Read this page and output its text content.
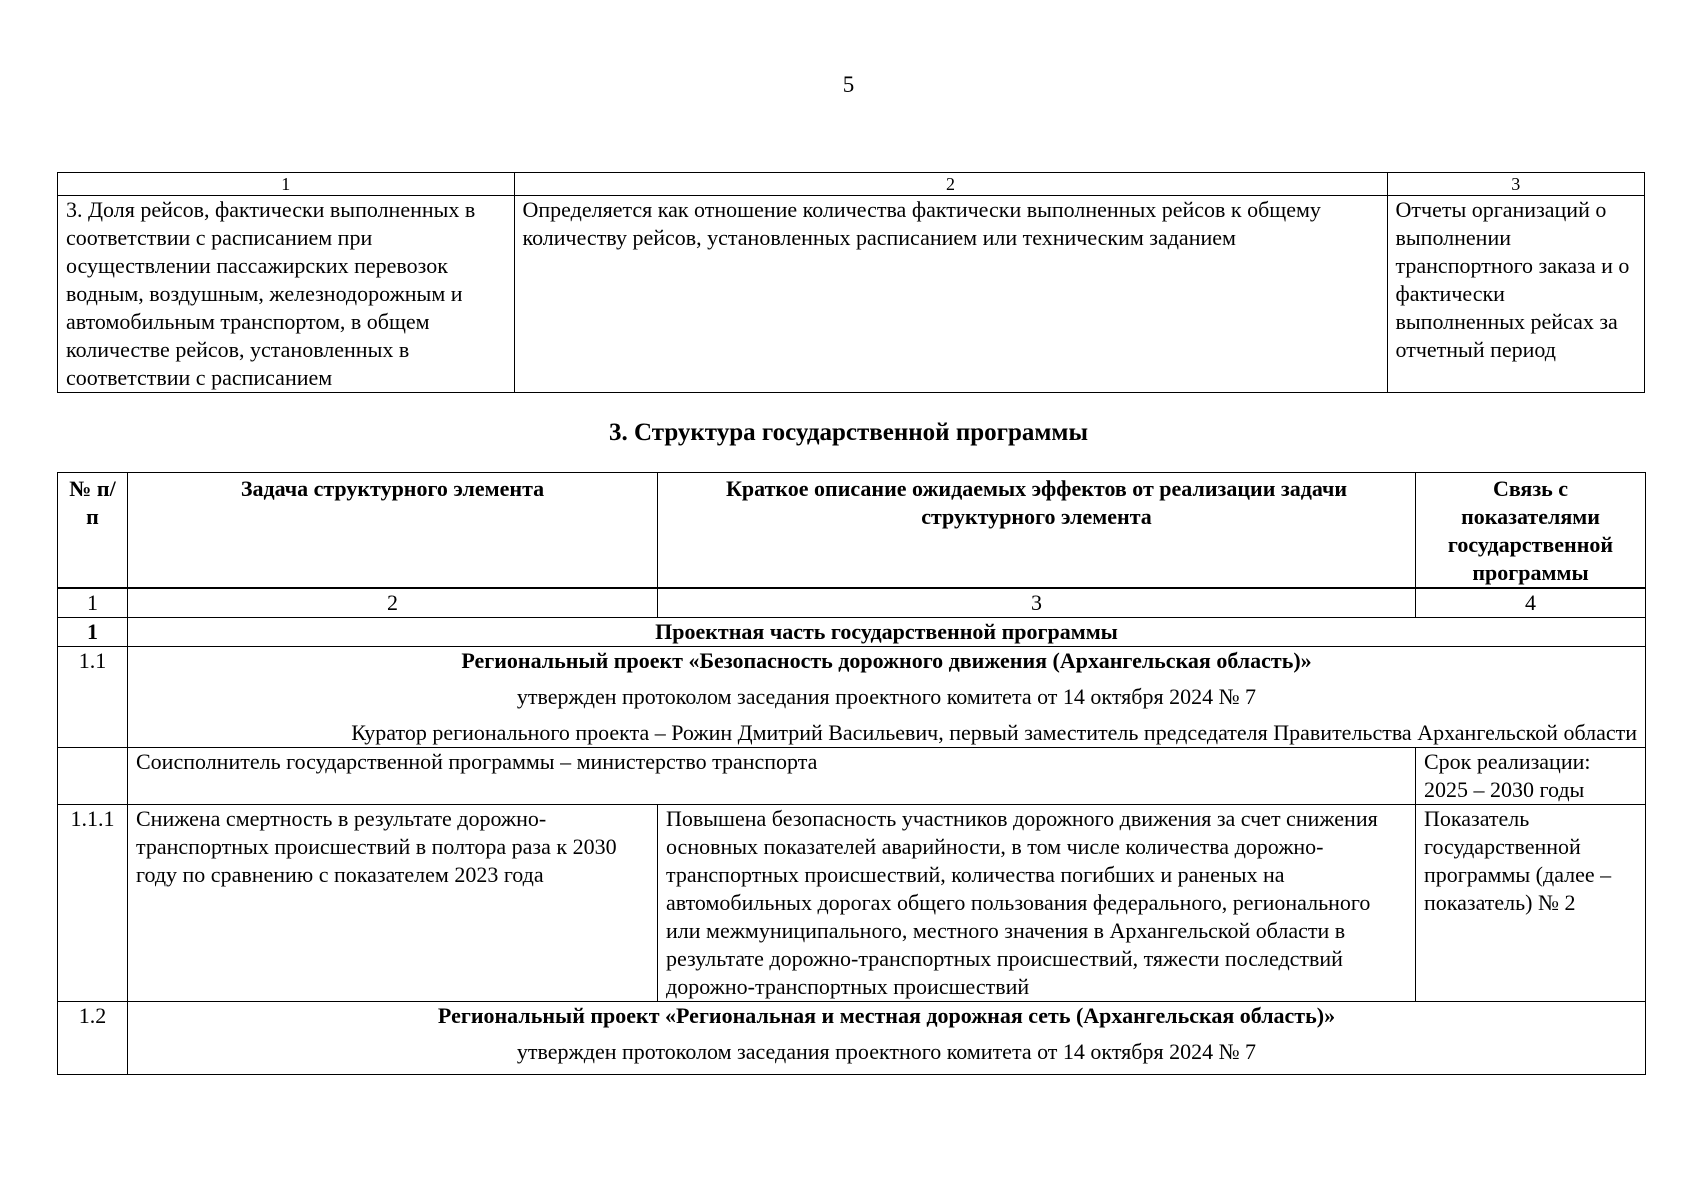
5
1	2	3
3. Доля рейсов, фактически выполненных в соответствии с расписанием при осуществлении пассажирских перевозок водным, воздушным, железнодорожным и автомобильным транспортом, в общем количестве рейсов, установленных в соответствии с расписанием	Определяется как отношение количества фактически выполненных рейсов к общему количеству рейсов, установленных расписанием или техническим заданием	Отчеты организаций о выполнении транспортного заказа и о фактически выполненных рейсах за отчетный период
3. Структура государственной программы
№ п/п	Задача структурного элемента	Краткое описание ожидаемых эффектов от реализации задачи структурного элемента	Связь с показателями государственной программы
1	2	3	4
1	Проектная часть государственной программы		
1.1	Региональный проект «Безопасность дорожного движения (Архангельская область)»
утвержден протоколом заседания проектного комитета от 14 октября 2024 № 7
Куратор регионального проекта – Рожин Дмитрий Васильевич, первый заместитель председателя Правительства Архангельской области		

	Соисполнитель государственной программы – министерство транспорта		Срок реализации: 2025 – 2030 годы
1.1.1	Снижена смертность в результате дорожно-транспортных происшествий в полтора раза к 2030 году по сравнению с показателем 2023 года	Повышена безопасность участников дорожного движения за счет снижения основных показателей аварийности, в том числе количества дорожно-транспортных происшествий, количества погибших и раненых на автомобильных дорогах общего пользования федерального, регионального или межмуниципального, местного значения в Архангельской области в результате дорожно-транспортных происшествий, тяжести последствий дорожно-транспортных происшествий	Показатель государственной программы (далее – показатель) № 2
1.2	Региональный проект «Региональная и местная дорожная сеть (Архангельская область)»
утвержден протоколом заседания проектного комитета от 14 октября 2024 № 7		
